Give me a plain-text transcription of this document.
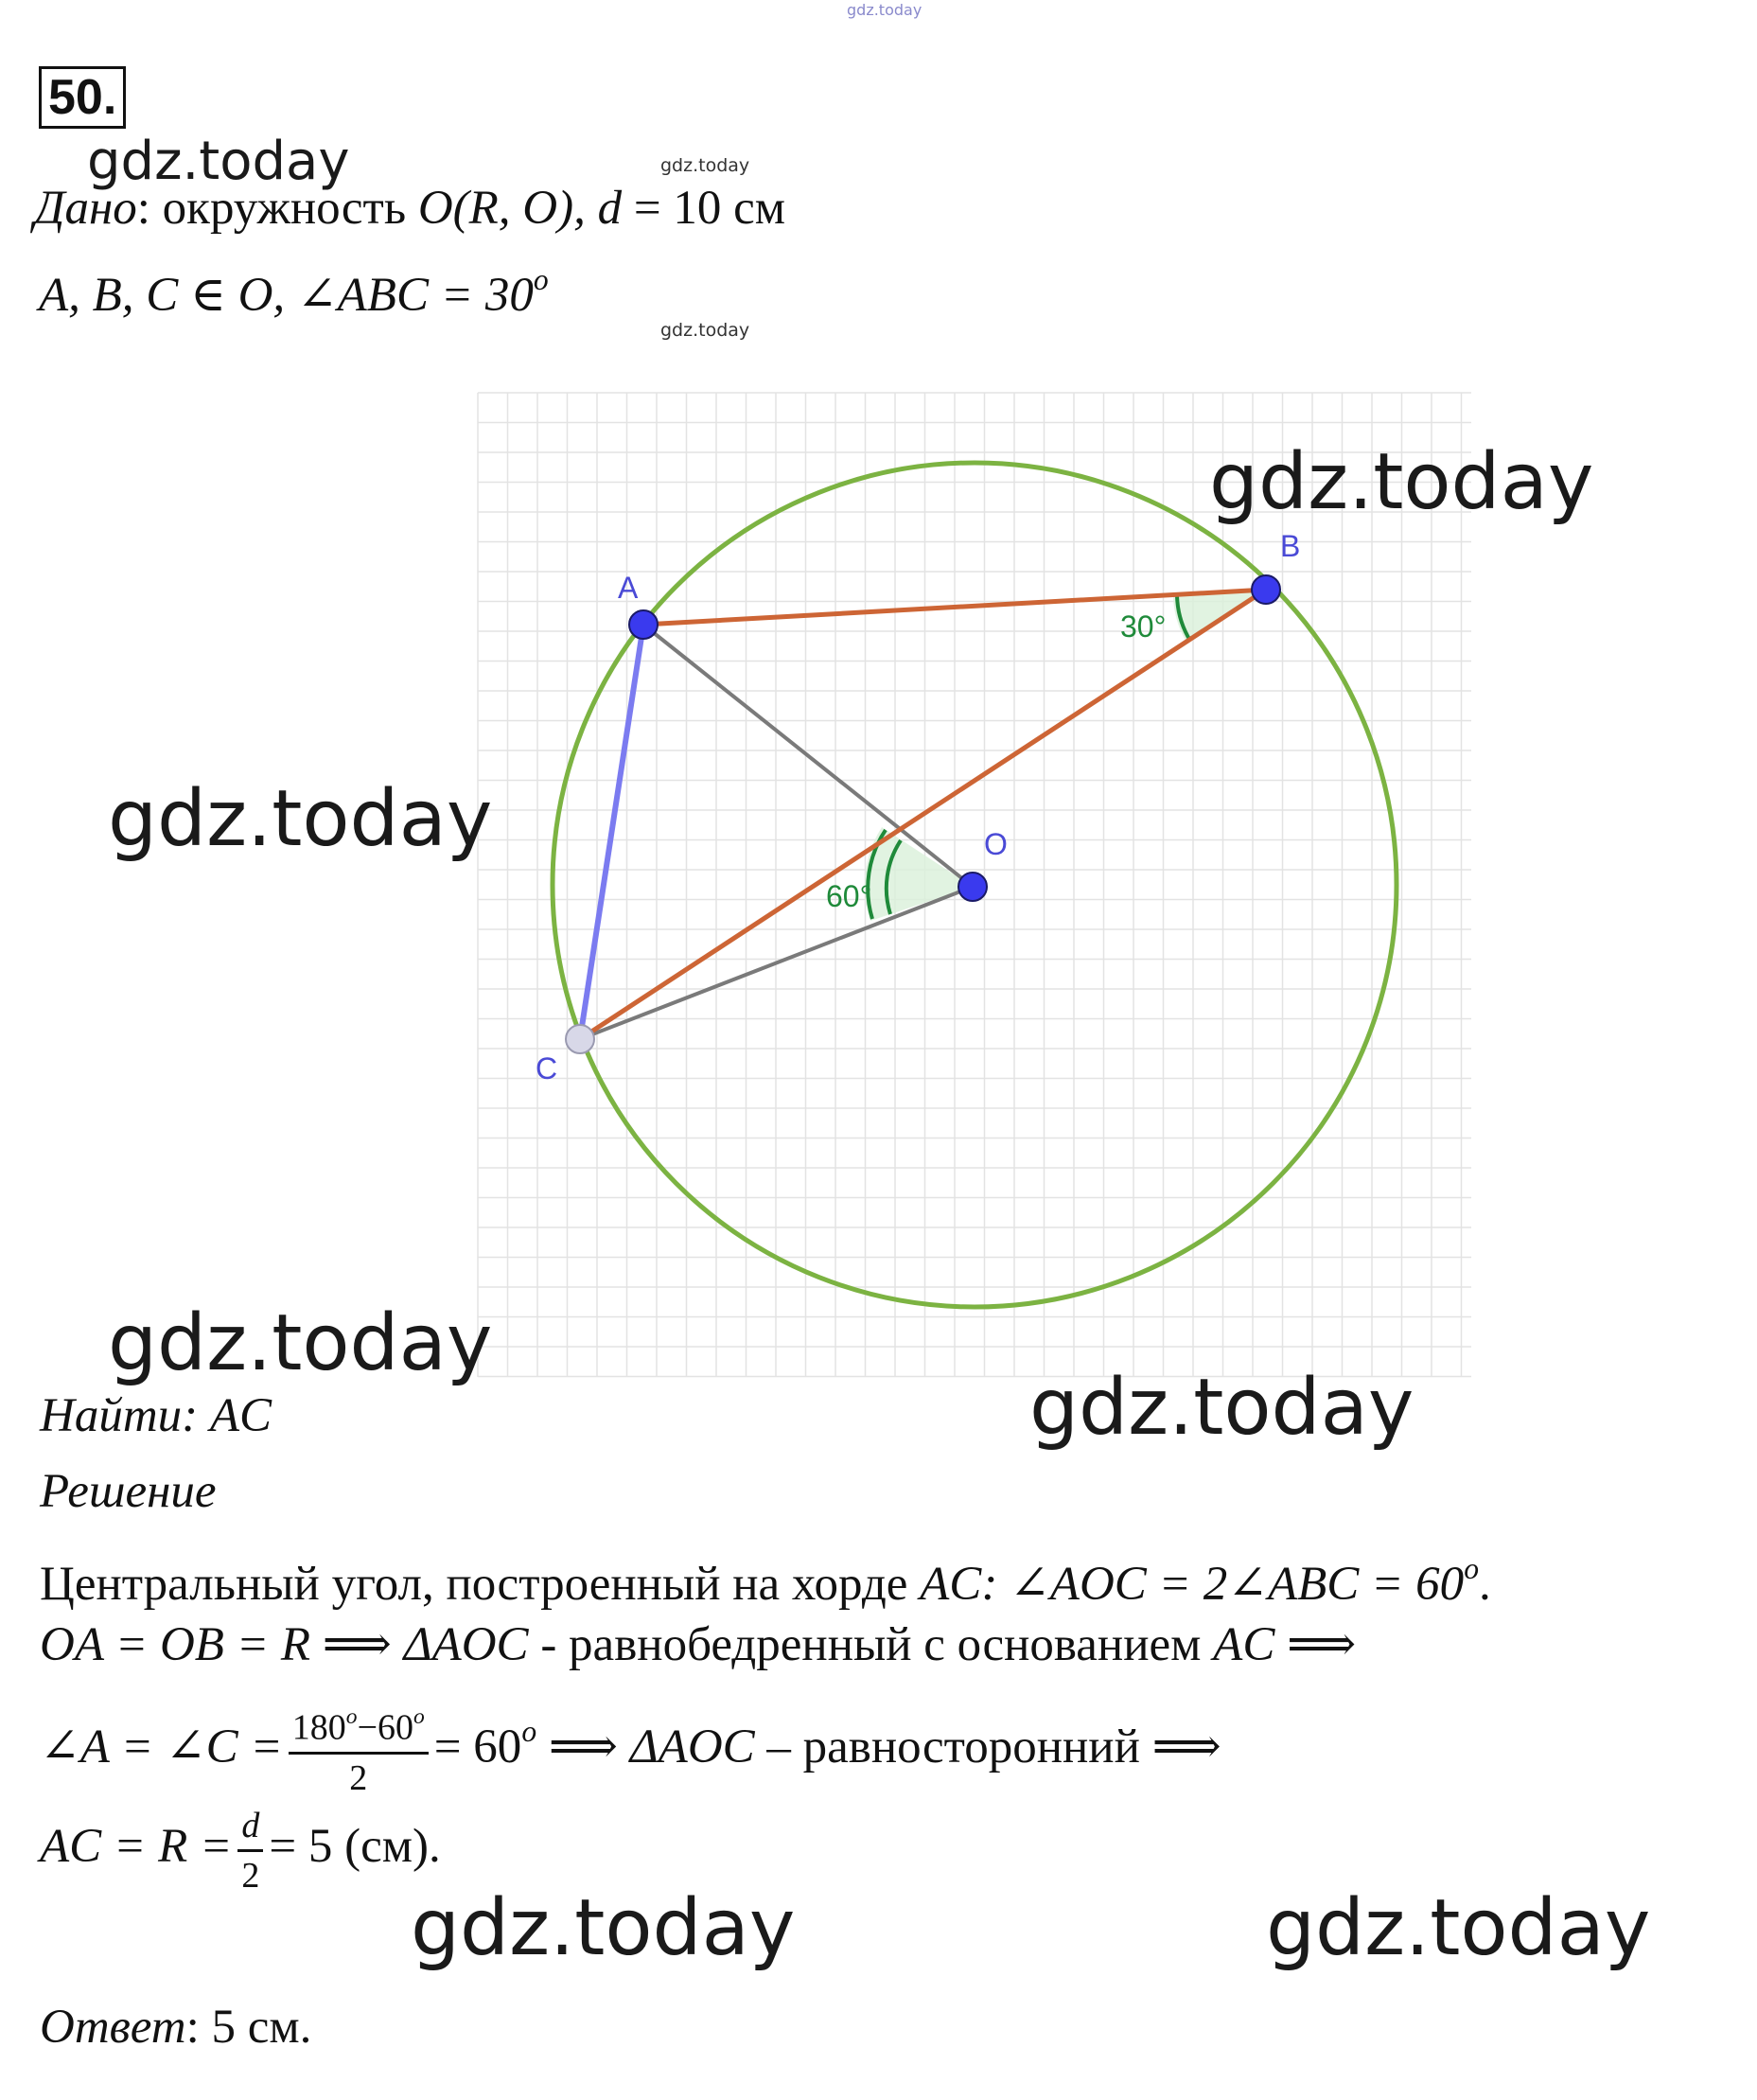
gdz.today
gdz.today	gdz.today
gdz.today
50.
Дано: окружность O(R, O), d = 10 см
A, B, C ∈ O, ∠ABC = $30^o$
A
B
O
C
30°
60°
gdz.today
gdz.today
gdz.today
gdz.today
Найти: AC
Решение
Центральный угол, построенный на хорде AC: ∠AOC = 2∠ABC = $60^o$.
OA = OB = R ⟹ ΔAOC - равнобедренный с основанием AC ⟹
∠A = ∠C = $\frac{180^o-60^o}{2} = 60^o$ ⟹ ΔAOC – равносторонний ⟹
AC = $R = \frac{d}{2} = 5$ (см).
gdz.today	gdz.today
Ответ: 5 см.
